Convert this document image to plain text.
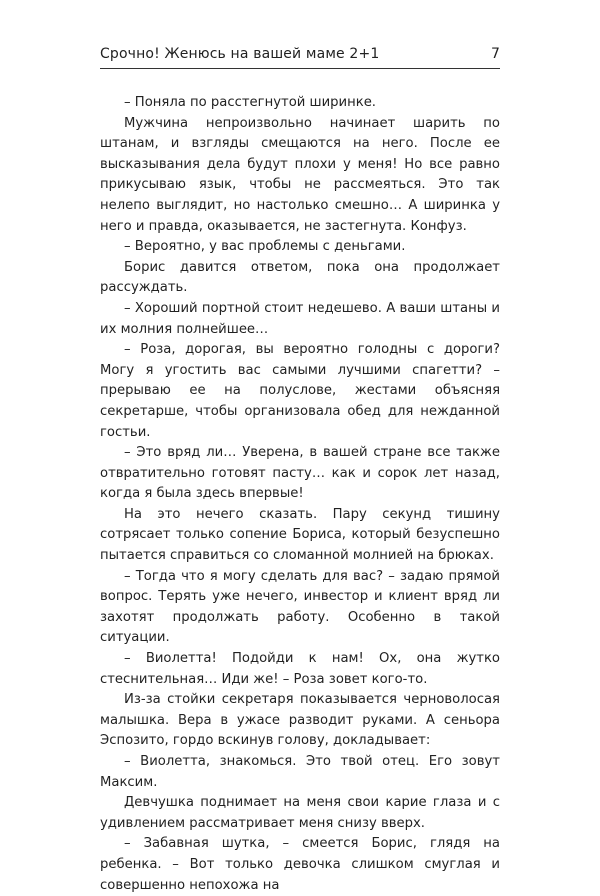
Срочно! Женюсь на вашей маме 2+1	7

– Поняла по расстегнутой ширинке.

Мужчина непроизвольно начинает шарить по штанам, и взгляды смещаются на него. После ее высказывания дела будут плохи у меня! Но все равно прикусываю язык, чтобы не рассмеяться. Это так нелепо выглядит, но настолько смешно… А ширинка у него и правда, оказывается, не застегнута. Конфуз.

– Вероятно, у вас проблемы с деньгами.

Борис давится ответом, пока она продолжает рассуждать.

– Хороший портной стоит недешево. А ваши штаны и их молния полнейшее…

– Роза, дорогая, вы вероятно голодны с дороги? Могу я угостить вас самыми лучшими спагетти? – прерываю ее на полуслове, жестами объясняя секретарше, чтобы организовала обед для нежданной гостьи.

– Это вряд ли… Уверена, в вашей стране все также отвратительно готовят пасту… как и сорок лет назад, когда я была здесь впервые!

На это нечего сказать. Пару секунд тишину сотрясает только сопение Бориса, который безуспешно пытается справиться со сломанной молнией на брюках.

– Тогда что я могу сделать для вас? – задаю прямой вопрос. Терять уже нечего, инвестор и клиент вряд ли захотят продолжать работу. Особенно в такой ситуации.

– Виолетта! Подойди к нам! Ох, она жутко стеснительная… Иди же! – Роза зовет кого-то.

Из-за стойки секретаря показывается черноволосая малышка. Вера в ужасе разводит руками. А сеньора Эспозито, гордо вскинув голову, докладывает:

– Виолетта, знакомься. Это твой отец. Его зовут Максим.

Девчушка поднимает на меня свои карие глаза и с удивлением рассматривает меня снизу вверх.

– Забавная шутка, – смеется Борис, глядя на ребенка. – Вот только девочка слишком смуглая и совершенно непохожа на
